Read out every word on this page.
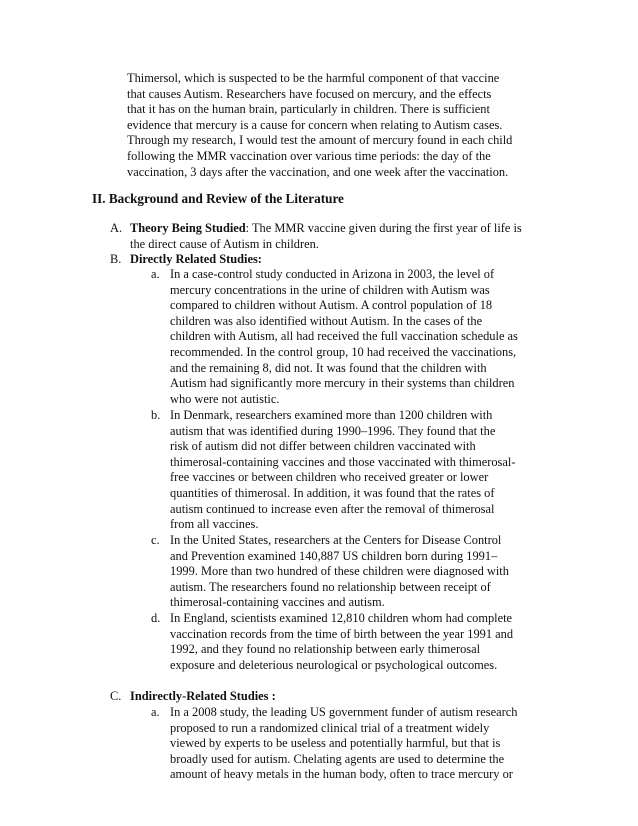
Thimersol, which is suspected to be the harmful component of that vaccine
that causes Autism. Researchers have focused on mercury, and the effects
that it has on the human brain, particularly in children. There is sufficient
evidence that mercury is a cause for concern when relating to Autism cases.
Through my research, I would test the amount of mercury found in each child
following the MMR vaccination over various time periods: the day of the
vaccination, 3 days after the vaccination, and one week after the vaccination.
II. Background and Review of the Literature
A. Theory Being Studied: The MMR vaccine given during the first year of life is
the direct cause of Autism in children.
B. Directly Related Studies:
a. In a case-control study conducted in Arizona in 2003, the level of
mercury concentrations in the urine of children with Autism was
compared to children without Autism. A control population of 18
children was also identified without Autism. In the cases of the
children with Autism, all had received the full vaccination schedule as
recommended. In the control group, 10 had received the vaccinations,
and the remaining 8, did not. It was found that the children with
Autism had significantly more mercury in their systems than children
who were not autistic.
b. In Denmark, researchers examined more than 1200 children with
autism that was identified during 1990–1996. They found that the
risk of autism did not differ between children vaccinated with
thimerosal-containing vaccines and those vaccinated with thimerosal-
free vaccines or between children who received greater or lower
quantities of thimerosal. In addition, it was found that the rates of
autism continued to increase even after the removal of thimerosal
from all vaccines.
c. In the United States, researchers at the Centers for Disease Control
and Prevention examined 140,887 US children born during 1991–
1999. More than two hundred of these children were diagnosed with
autism. The researchers found no relationship between receipt of
thimerosal-containing vaccines and autism.
d. In England, scientists examined 12,810 children whom had complete
vaccination records from the time of birth between the year 1991 and
1992, and they found no relationship between early thimerosal
exposure and deleterious neurological or psychological outcomes.
C. Indirectly-Related Studies :
a. In a 2008 study, the leading US government funder of autism research
proposed to run a randomized clinical trial of a treatment widely
viewed by experts to be useless and potentially harmful, but that is
broadly used for autism. Chelating agents are used to determine the
amount of heavy metals in the human body, often to trace mercury or
